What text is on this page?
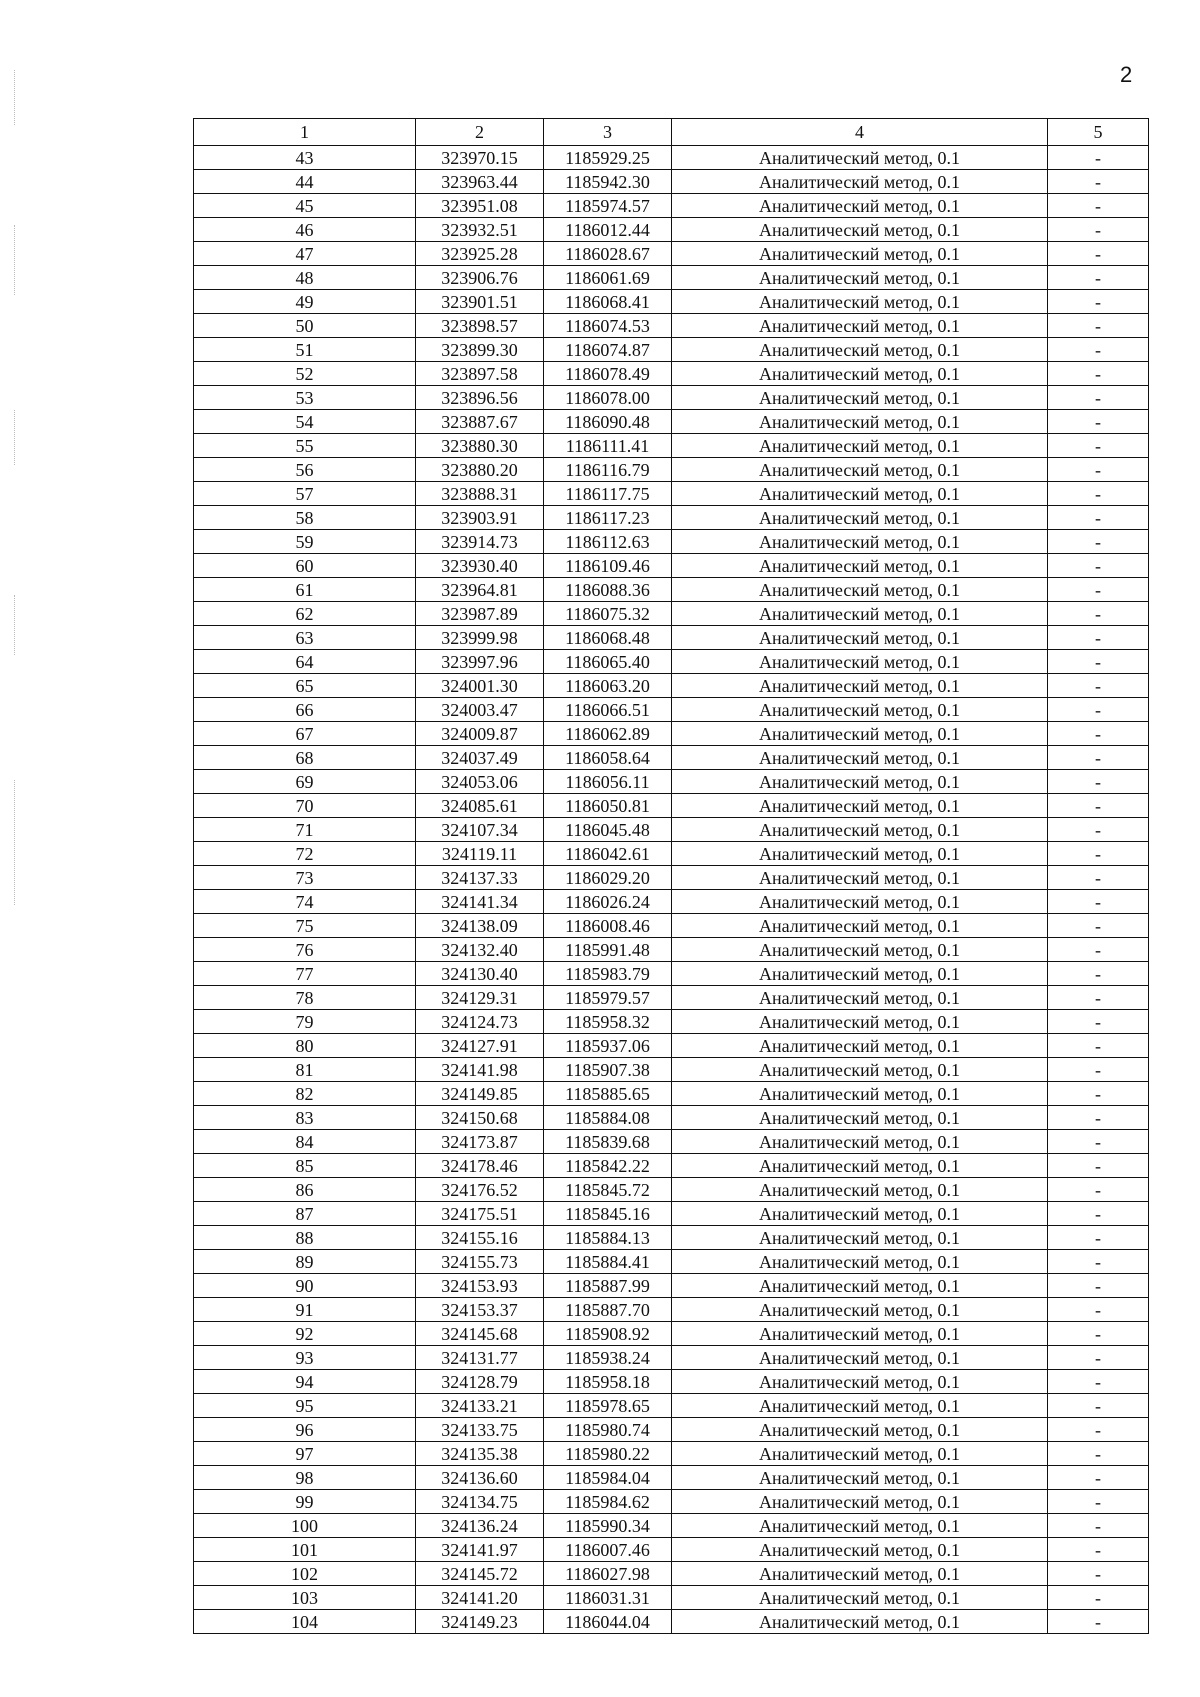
2
1	2	3	4	5
43	323970.15	1185929.25	Аналитический метод, 0.1	-
44	323963.44	1185942.30	Аналитический метод, 0.1	-
45	323951.08	1185974.57	Аналитический метод, 0.1	-
46	323932.51	1186012.44	Аналитический метод, 0.1	-
47	323925.28	1186028.67	Аналитический метод, 0.1	-
48	323906.76	1186061.69	Аналитический метод, 0.1	-
49	323901.51	1186068.41	Аналитический метод, 0.1	-
50	323898.57	1186074.53	Аналитический метод, 0.1	-
51	323899.30	1186074.87	Аналитический метод, 0.1	-
52	323897.58	1186078.49	Аналитический метод, 0.1	-
53	323896.56	1186078.00	Аналитический метод, 0.1	-
54	323887.67	1186090.48	Аналитический метод, 0.1	-
55	323880.30	1186111.41	Аналитический метод, 0.1	-
56	323880.20	1186116.79	Аналитический метод, 0.1	-
57	323888.31	1186117.75	Аналитический метод, 0.1	-
58	323903.91	1186117.23	Аналитический метод, 0.1	-
59	323914.73	1186112.63	Аналитический метод, 0.1	-
60	323930.40	1186109.46	Аналитический метод, 0.1	-
61	323964.81	1186088.36	Аналитический метод, 0.1	-
62	323987.89	1186075.32	Аналитический метод, 0.1	-
63	323999.98	1186068.48	Аналитический метод, 0.1	-
64	323997.96	1186065.40	Аналитический метод, 0.1	-
65	324001.30	1186063.20	Аналитический метод, 0.1	-
66	324003.47	1186066.51	Аналитический метод, 0.1	-
67	324009.87	1186062.89	Аналитический метод, 0.1	-
68	324037.49	1186058.64	Аналитический метод, 0.1	-
69	324053.06	1186056.11	Аналитический метод, 0.1	-
70	324085.61	1186050.81	Аналитический метод, 0.1	-
71	324107.34	1186045.48	Аналитический метод, 0.1	-
72	324119.11	1186042.61	Аналитический метод, 0.1	-
73	324137.33	1186029.20	Аналитический метод, 0.1	-
74	324141.34	1186026.24	Аналитический метод, 0.1	-
75	324138.09	1186008.46	Аналитический метод, 0.1	-
76	324132.40	1185991.48	Аналитический метод, 0.1	-
77	324130.40	1185983.79	Аналитический метод, 0.1	-
78	324129.31	1185979.57	Аналитический метод, 0.1	-
79	324124.73	1185958.32	Аналитический метод, 0.1	-
80	324127.91	1185937.06	Аналитический метод, 0.1	-
81	324141.98	1185907.38	Аналитический метод, 0.1	-
82	324149.85	1185885.65	Аналитический метод, 0.1	-
83	324150.68	1185884.08	Аналитический метод, 0.1	-
84	324173.87	1185839.68	Аналитический метод, 0.1	-
85	324178.46	1185842.22	Аналитический метод, 0.1	-
86	324176.52	1185845.72	Аналитический метод, 0.1	-
87	324175.51	1185845.16	Аналитический метод, 0.1	-
88	324155.16	1185884.13	Аналитический метод, 0.1	-
89	324155.73	1185884.41	Аналитический метод, 0.1	-
90	324153.93	1185887.99	Аналитический метод, 0.1	-
91	324153.37	1185887.70	Аналитический метод, 0.1	-
92	324145.68	1185908.92	Аналитический метод, 0.1	-
93	324131.77	1185938.24	Аналитический метод, 0.1	-
94	324128.79	1185958.18	Аналитический метод, 0.1	-
95	324133.21	1185978.65	Аналитический метод, 0.1	-
96	324133.75	1185980.74	Аналитический метод, 0.1	-
97	324135.38	1185980.22	Аналитический метод, 0.1	-
98	324136.60	1185984.04	Аналитический метод, 0.1	-
99	324134.75	1185984.62	Аналитический метод, 0.1	-
100	324136.24	1185990.34	Аналитический метод, 0.1	-
101	324141.97	1186007.46	Аналитический метод, 0.1	-
102	324145.72	1186027.98	Аналитический метод, 0.1	-
103	324141.20	1186031.31	Аналитический метод, 0.1	-
104	324149.23	1186044.04	Аналитический метод, 0.1	-
